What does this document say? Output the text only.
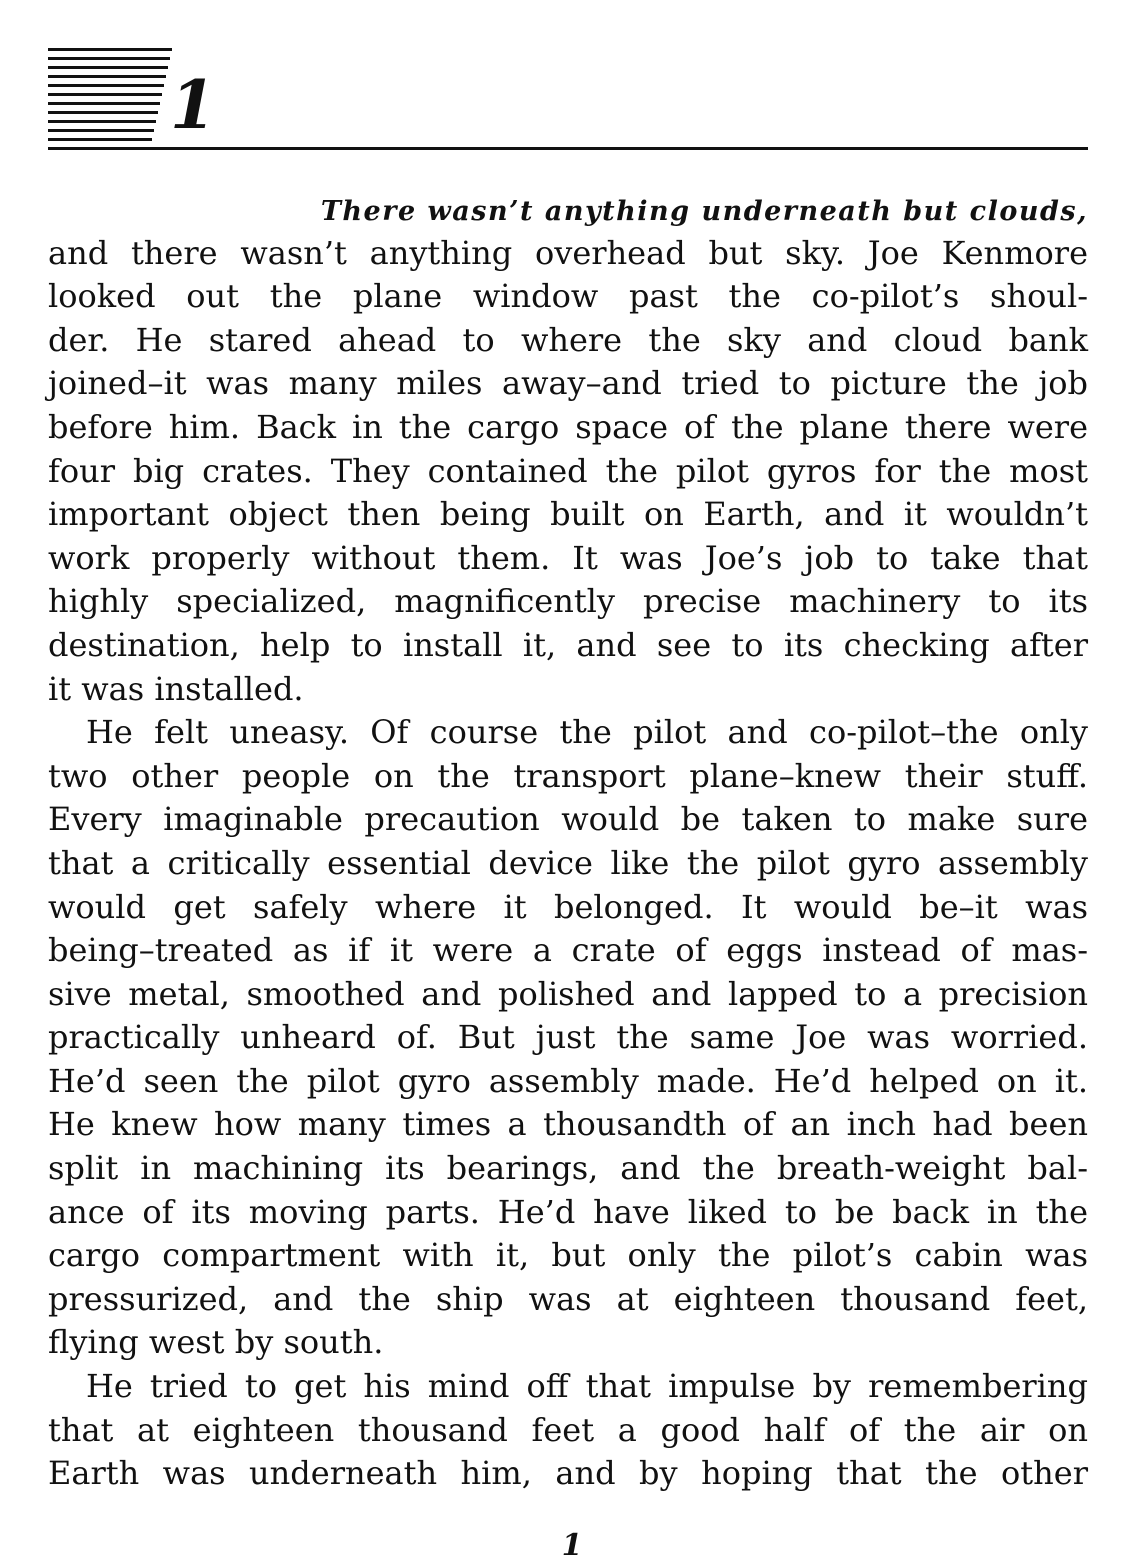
1
There wasn’t anything underneath but clouds,
and there wasn’t anything overhead but sky. Joe Kenmore
looked out the plane window past the co-pilot’s shoul-
der. He stared ahead to where the sky and cloud bank
joined–it was many miles away–and tried to picture the job
before him. Back in the cargo space of the plane there were
four big crates. They contained the pilot gyros for the most
important object then being built on Earth, and it wouldn’t
work properly without them. It was Joe’s job to take that
highly specialized, magnificently precise machinery to its
destination, help to install it, and see to its checking after
it was installed.
He felt uneasy. Of course the pilot and co-pilot–the only
two other people on the transport plane–knew their stuff.
Every imaginable precaution would be taken to make sure
that a critically essential device like the pilot gyro assembly
would get safely where it belonged. It would be–it was
being–treated as if it were a crate of eggs instead of mas-
sive metal, smoothed and polished and lapped to a precision
practically unheard of. But just the same Joe was worried.
He’d seen the pilot gyro assembly made. He’d helped on it.
He knew how many times a thousandth of an inch had been
split in machining its bearings, and the breath-weight bal-
ance of its moving parts. He’d have liked to be back in the
cargo compartment with it, but only the pilot’s cabin was
pressurized, and the ship was at eighteen thousand feet,
flying west by south.
He tried to get his mind off that impulse by remembering
that at eighteen thousand feet a good half of the air on
Earth was underneath him, and by hoping that the other
1
